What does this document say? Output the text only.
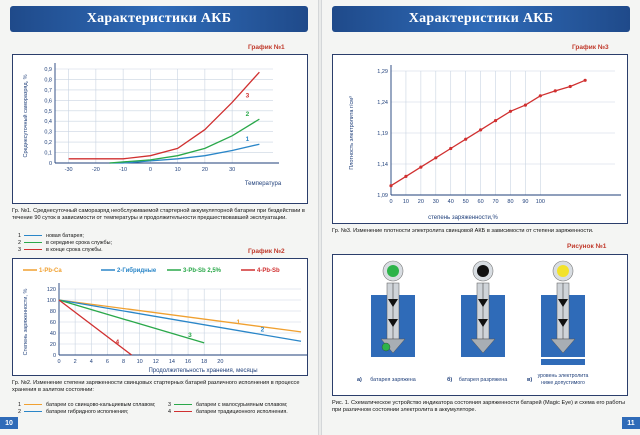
Характеристики АКБ
График №1
0
0,1
0,2
0,3
0,4
0,5
0,6
0,7
0,8
0,9
-30	-20	-10	0	10	20	30
Температура
Среднесуточный саморазряд, %	1
2
3
Гр. №1. Среднесуточный саморазряд необслуживаемой стартерной аккумуляторной батареи при бездействии в течение 90 суток в зависимости от температуры и продолжительности предшествовавшей эксплуатации.
1	новая батарея;
2	в середине срока службы;
3	в конце срока службы.	График №2
0
20
40
60
80
100
120
0 2 4 6 8 10 12 14 16 18 20
Продолжительность хранения, месяцы
Степень заряженности, %
1-Pb-Ca	2-Гибридные	3-Pb-Sb 2,5%	4-Pb-Sb
1
2
3
4
Гр. №2. Изменение степени заряженности свинцовых стартерных батарей различного исполнения в процессе хранения в залитом состоянии:
1	батареи со свинцово-кальциевым сплавом;
2	батареи гибридного исполнения;
3	батареи с малосурьмяным сплавом;
4	батареи традиционного исполнения.
10
Характеристики АКБ
График №3
1,09
1,14
1,19
1,24
1,29
0 10 20 30 40 50 60 70 80 90 100
степень заряженности,%
Плотность электролита г/см³
Гр. №3. Изменение плотности электролита свинцовой АКБ в зависимости от степени заряженности.
Рисунок №1
а)	б)	в)
батарея заряжена	батарея разряжена
уровень электролита
ниже допустимого
Рис. 1. Схематическое устройство индикатора состояния заряженности батарей (Magic Eye) и схема его работы при различном состоянии электролита в аккумуляторе.
11
